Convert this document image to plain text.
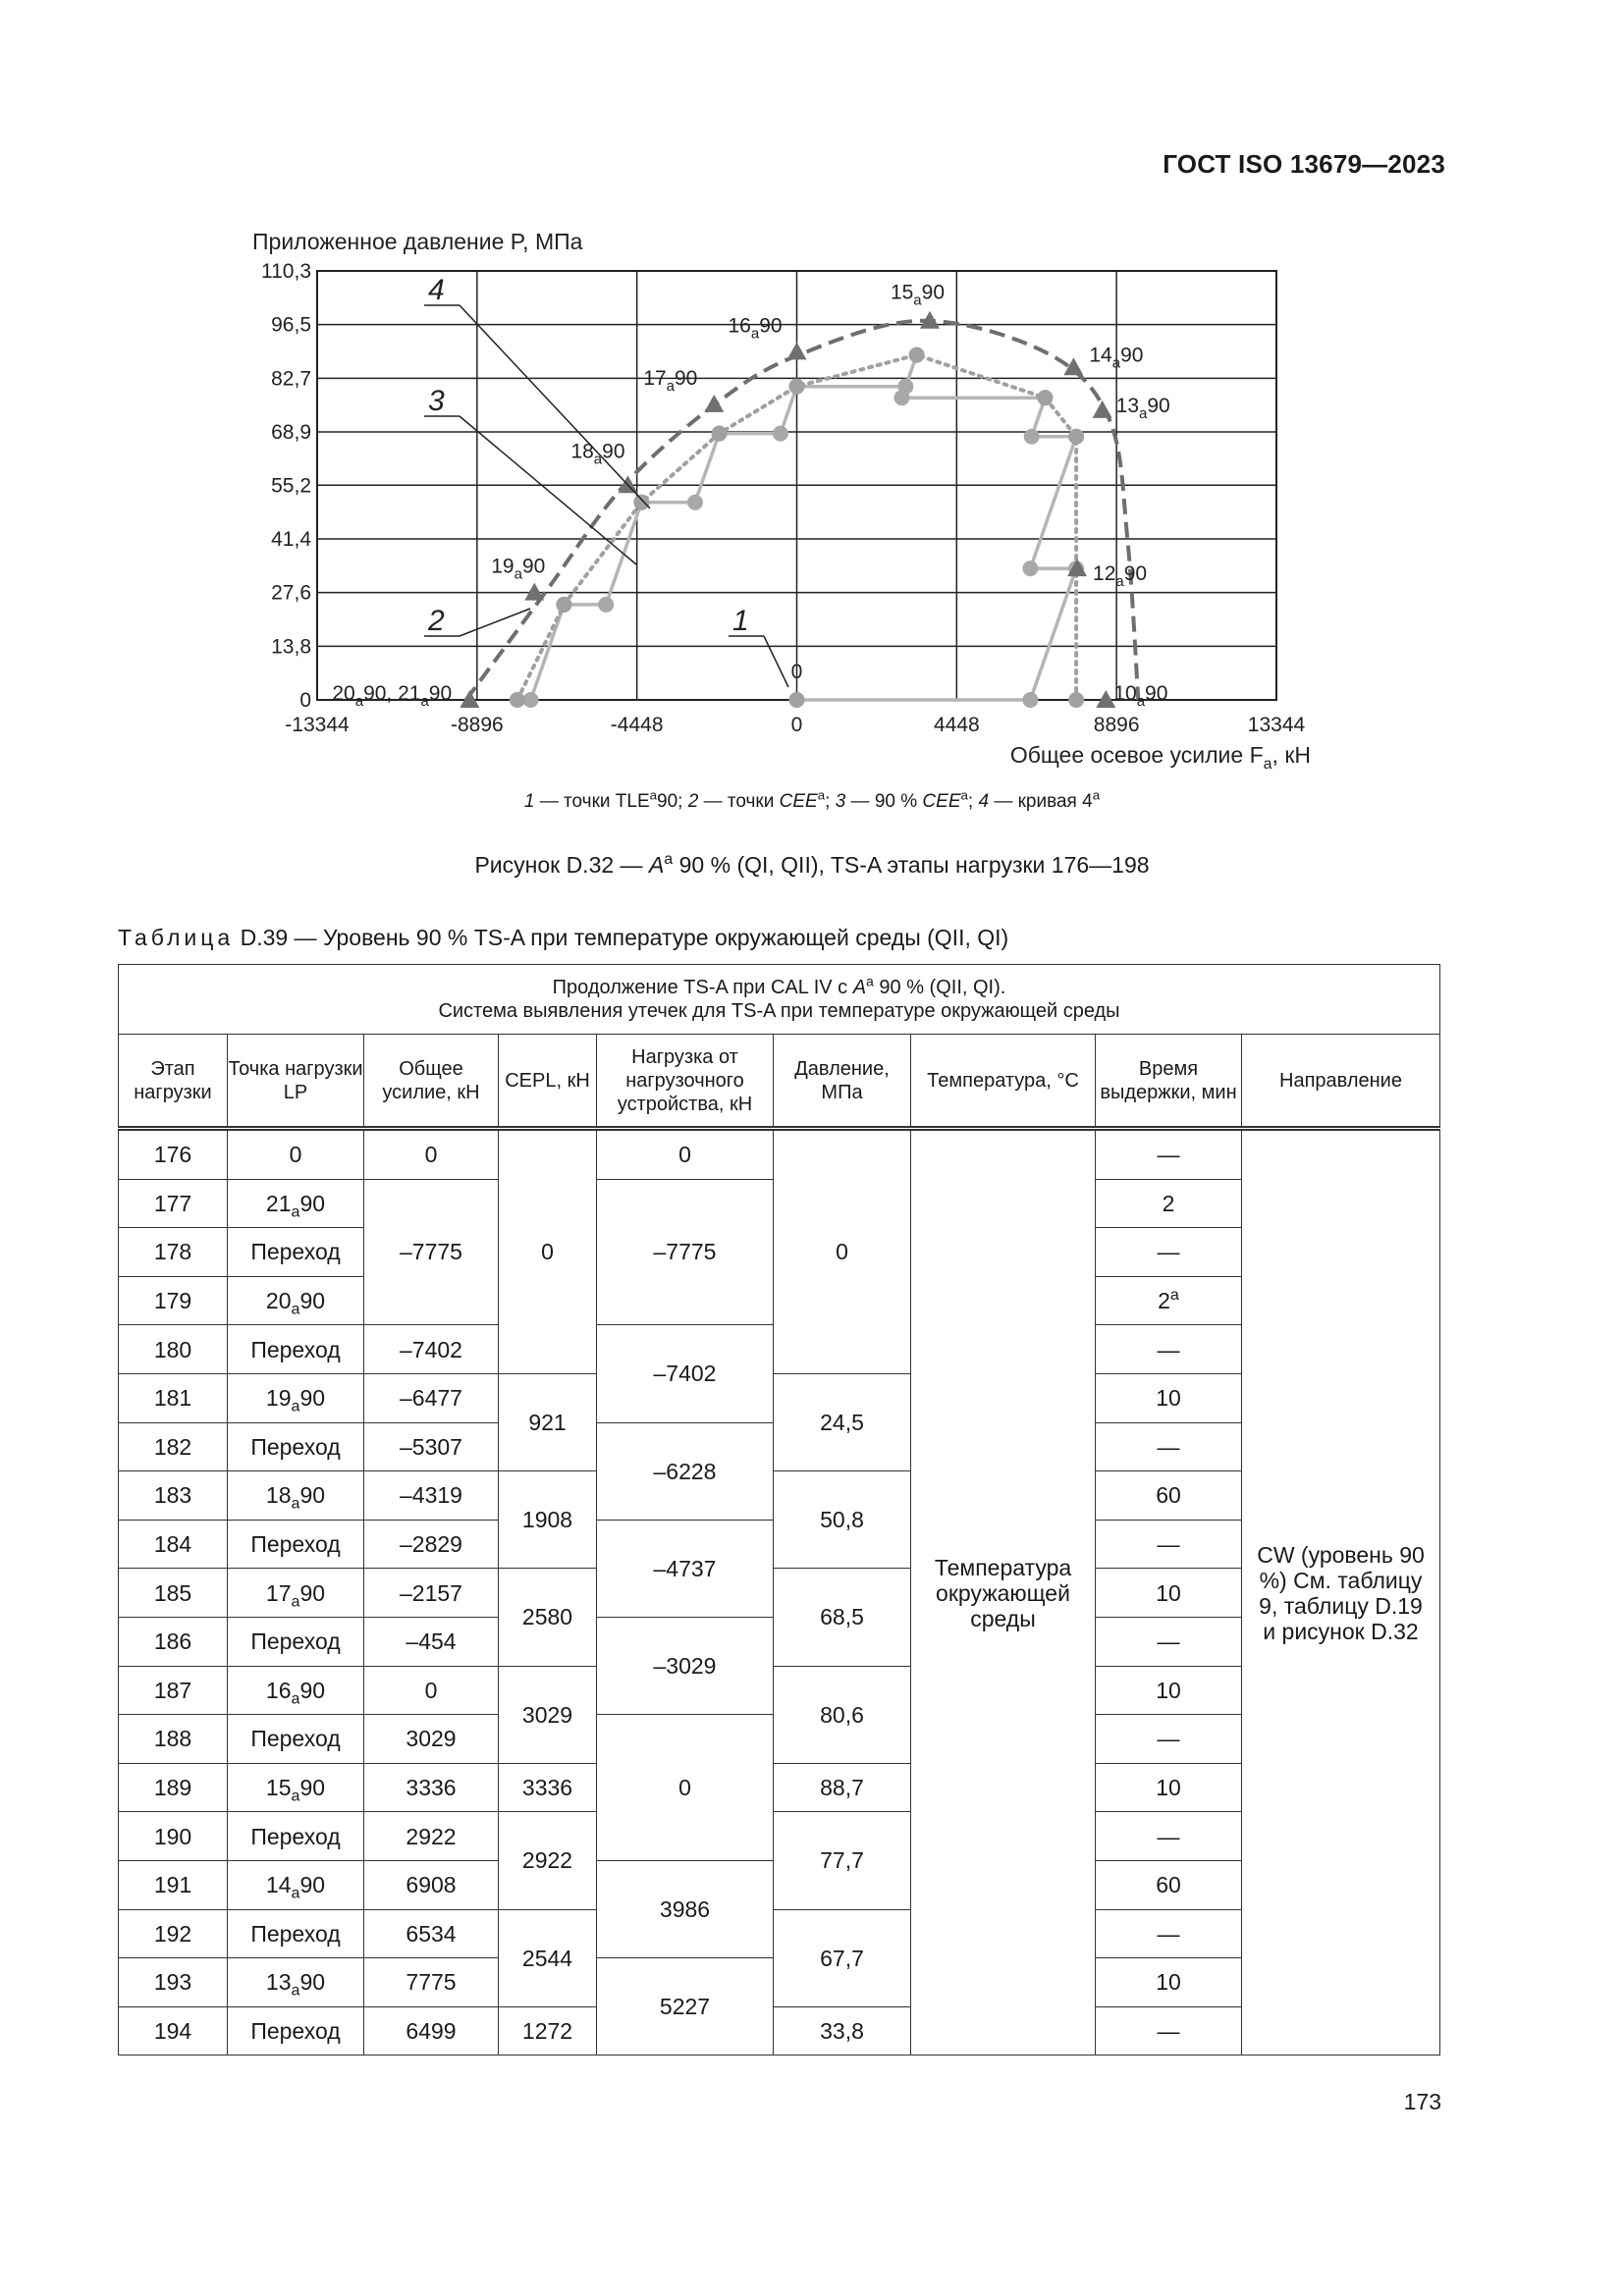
ГОСТ ISO 13679—2023
-13344	-8896	-4448	0	4448	8896	13344
0
13,8
27,6
41,4
55,2
68,9
82,7
96,5
110,3
Приложенное давление P, МПа
Общее осевое усилие $F_a$, кН
0
$15_a90$
$16_a90$
$14_a90$
$17_a90$
$13_a90$
$18_a90$
$19_a90$	$12_a90$
$10_a90$
$20_a90$, $21_a90$
4
3
2	1
1 — точки TLE$^a$90; 2 — точки CEE$^a$; 3 — 90 % CEE$^a$; 4 — кривая 4$^a$
Рисунок D.32 — $A^a$ 90 % (QI, QII), TS-A этапы нагрузки 176—198
Таблица D.39 — Уровень 90 % TS-A при температуре окружающей среды (QII, QI)
Продолжение TS-A при CAL IV с $A^a$ 90 % (QII, QI).
Система выявления утечек для TS-A при температуре окружающей среды								
Этап нагрузки	Точка нагрузки LP	Общее усилие, кН	CEPL, кН	Нагрузка от нагрузочного устройства, кН	Давление, МПа	Температура, °С	Время выдержки, мин	Направление
176	0	0	0	0	0	Температура окружающей среды	—	CW (уровень 90 %) См. таблицу 9, таблицу D.19 и рисунок D.32
177	$21_a90$	–7775		–7775			2	
178	Переход						—	
179	$20_a90$						$2^а$
180	Переход	–7402		–7402			—	
181	$19_a90$	–6477	921		24,5		10	
182	Переход	–5307		–6228			—	
183	$18_a90$	–4319	1908		50,8		60	
184	Переход	–2829		–4737			—	
185	$17_a90$	–2157	2580		68,5		10	
186	Переход	–454		–3029			—	
187	$16_a90$	0	3029		80,6		10	
188	Переход	3029		0			—	
189	$15_a90$	3336	3336		88,7		10	
190	Переход	2922	2922		77,7		—	
191	$14_a90$	6908		3986			60	
192	Переход	6534	2544		67,7		—	
193	$13_a90$	7775		5227			10	
194	Переход	6499	1272		33,8		—	
173
